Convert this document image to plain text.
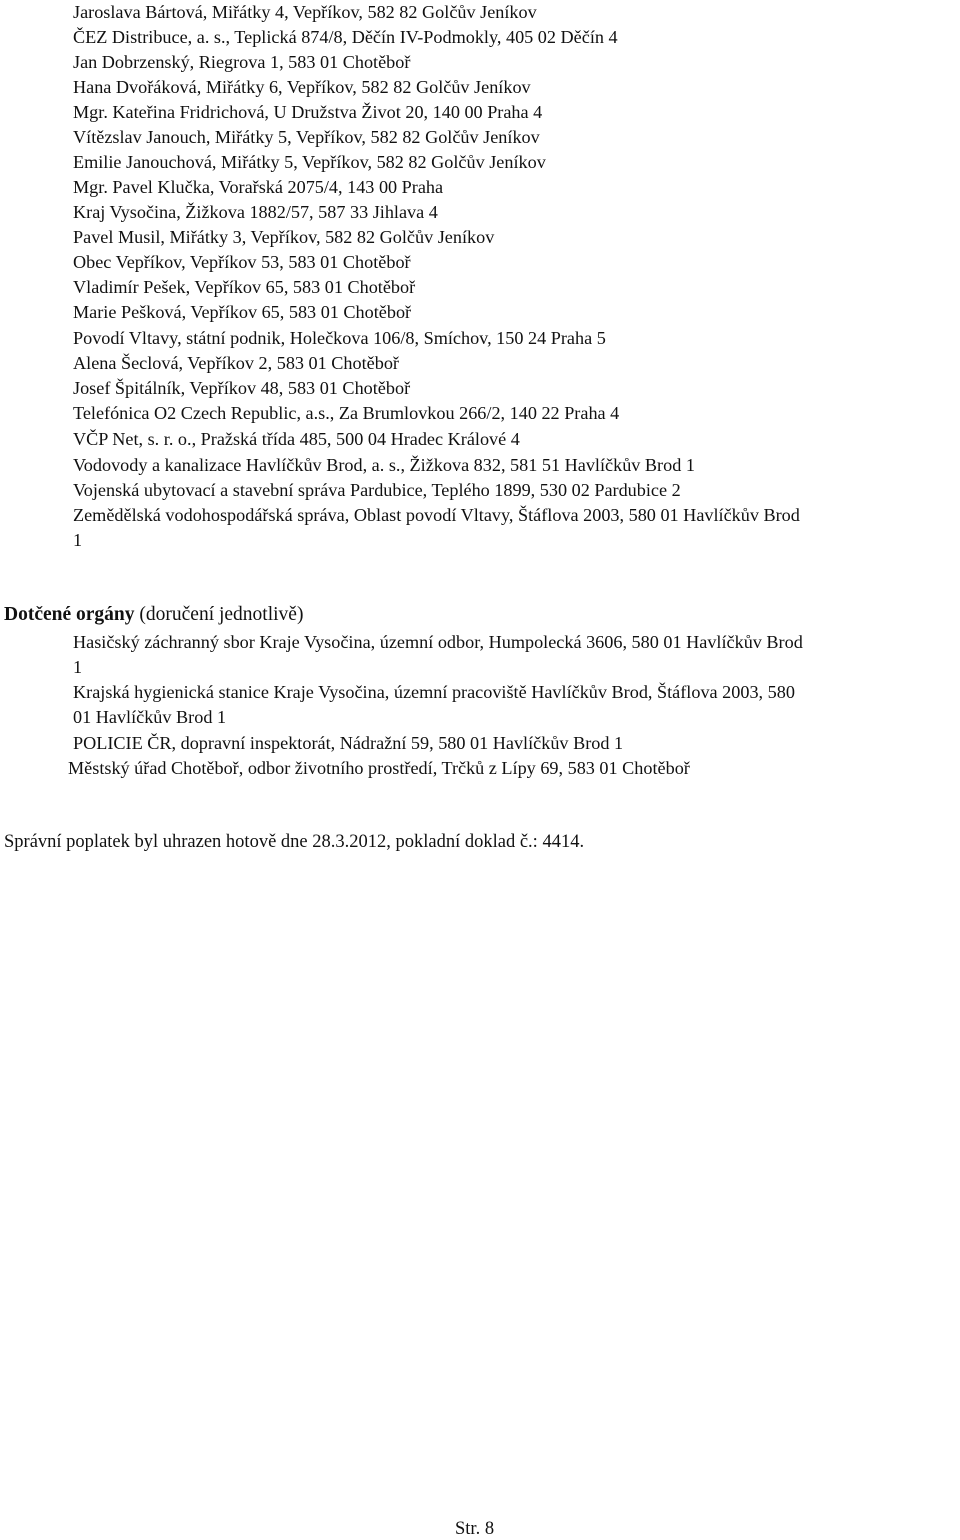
Jaroslava Bártová, Miřátky 4, Vepříkov, 582 82 Golčův Jeníkov
ČEZ Distribuce, a. s., Teplická 874/8, Děčín IV-Podmokly, 405 02 Děčín 4
Jan Dobrzenský, Riegrova 1, 583 01 Chotěboř
Hana Dvořáková, Miřátky 6, Vepříkov, 582 82 Golčův Jeníkov
Mgr. Kateřina Fridrichová, U Družstva Život 20, 140 00 Praha 4
Vítězslav Janouch, Miřátky 5, Vepříkov, 582 82 Golčův Jeníkov
Emilie Janouchová, Miřátky 5, Vepříkov, 582 82 Golčův Jeníkov
Mgr. Pavel Klučka, Vorařská 2075/4, 143 00 Praha
Kraj Vysočina, Žižkova 1882/57, 587 33 Jihlava 4
Pavel Musil, Miřátky 3, Vepříkov, 582 82 Golčův Jeníkov
Obec Vepříkov, Vepříkov 53, 583 01 Chotěboř
Vladimír Pešek, Vepříkov 65, 583 01 Chotěboř
Marie Pešková, Vepříkov 65, 583 01 Chotěboř
Povodí Vltavy, státní podnik, Holečkova 106/8, Smíchov, 150 24 Praha 5
Alena Šeclová, Vepříkov 2, 583 01 Chotěboř
Josef Špitálník, Vepříkov 48, 583 01 Chotěboř
Telefónica O2 Czech Republic, a.s., Za Brumlovkou 266/2, 140 22 Praha 4
VČP Net, s. r. o., Pražská třída 485, 500 04 Hradec Králové 4
Vodovody a kanalizace Havlíčkův Brod, a. s., Žižkova 832, 581 51 Havlíčkův Brod 1
Vojenská ubytovací a stavební správa Pardubice, Teplého 1899, 530 02 Pardubice 2
Zemědělská vodohospodářská správa, Oblast povodí Vltavy, Štáflova 2003, 580 01 Havlíčkův Brod
1
Dotčené orgány (doručení jednotlivě)
Hasičský záchranný sbor Kraje Vysočina, územní odbor, Humpolecká 3606, 580 01 Havlíčkův Brod
1
Krajská hygienická stanice Kraje Vysočina, územní pracoviště Havlíčkův Brod, Štáflova 2003, 580
01 Havlíčkův Brod 1
POLICIE ČR, dopravní inspektorát, Nádražní 59, 580 01 Havlíčkův Brod 1
Městský úřad Chotěboř, odbor životního prostředí, Trčků z Lípy 69, 583 01 Chotěboř
Správní poplatek byl uhrazen hotově dne 28.3.2012, pokladní doklad č.: 4414.
Str. 8
